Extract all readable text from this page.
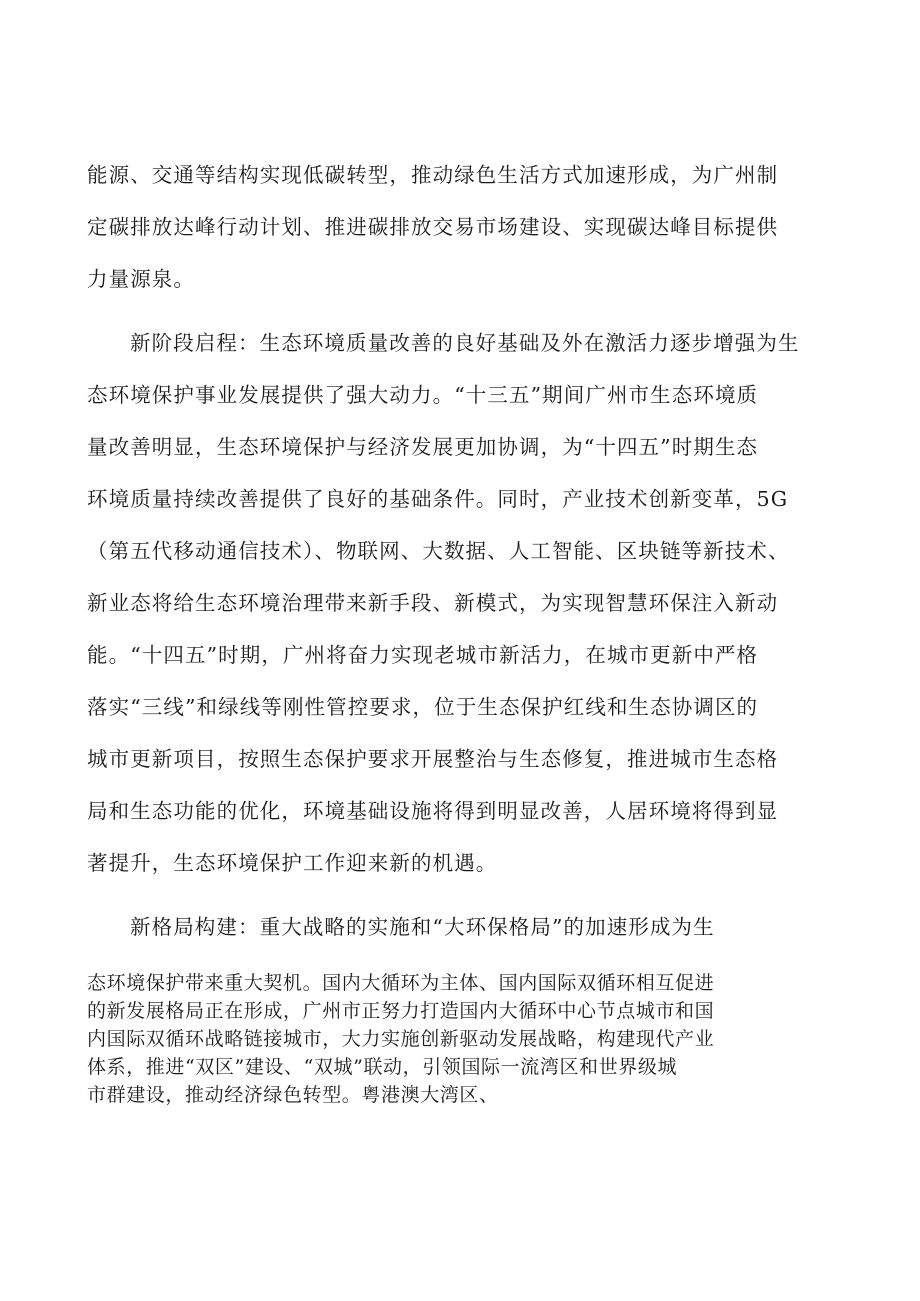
能源、交通等结构实现低碳转型，推动绿色生活方式加速形成，为广州制
定碳排放达峰行动计划、推进碳排放交易市场建设、实现碳达峰目标提供
力量源泉。
新阶段启程：生态环境质量改善的良好基础及外在激活力逐步增强为生
态环境保护事业发展提供了强大动力。“十三五”期间广州市生态环境质
量改善明显，生态环境保护与经济发展更加协调，为“十四五”时期生态
环境质量持续改善提供了良好的基础条件。同时，产业技术创新变革，5G
（第五代移动通信技术）、物联网、大数据、人工智能、区块链等新技术、
新业态将给生态环境治理带来新手段、新模式，为实现智慧环保注入新动
能。“十四五”时期，广州将奋力实现老城市新活力，在城市更新中严格
落实“三线”和绿线等刚性管控要求，位于生态保护红线和生态协调区的
城市更新项目，按照生态保护要求开展整治与生态修复，推进城市生态格
局和生态功能的优化，环境基础设施将得到明显改善，人居环境将得到显
著提升，生态环境保护工作迎来新的机遇。
新格局构建：重大战略的实施和“大环保格局”的加速形成为生
态环境保护带来重大契机。国内大循环为主体、国内国际双循环相互促进
的新发展格局正在形成，广州市正努力打造国内大循环中心节点城市和国
内国际双循环战略链接城市，大力实施创新驱动发展战略，构建现代产业
体系，推进“双区”建设、“双城”联动，引领国际一流湾区和世界级城
市群建设，推动经济绿色转型。粤港澳大湾区、
